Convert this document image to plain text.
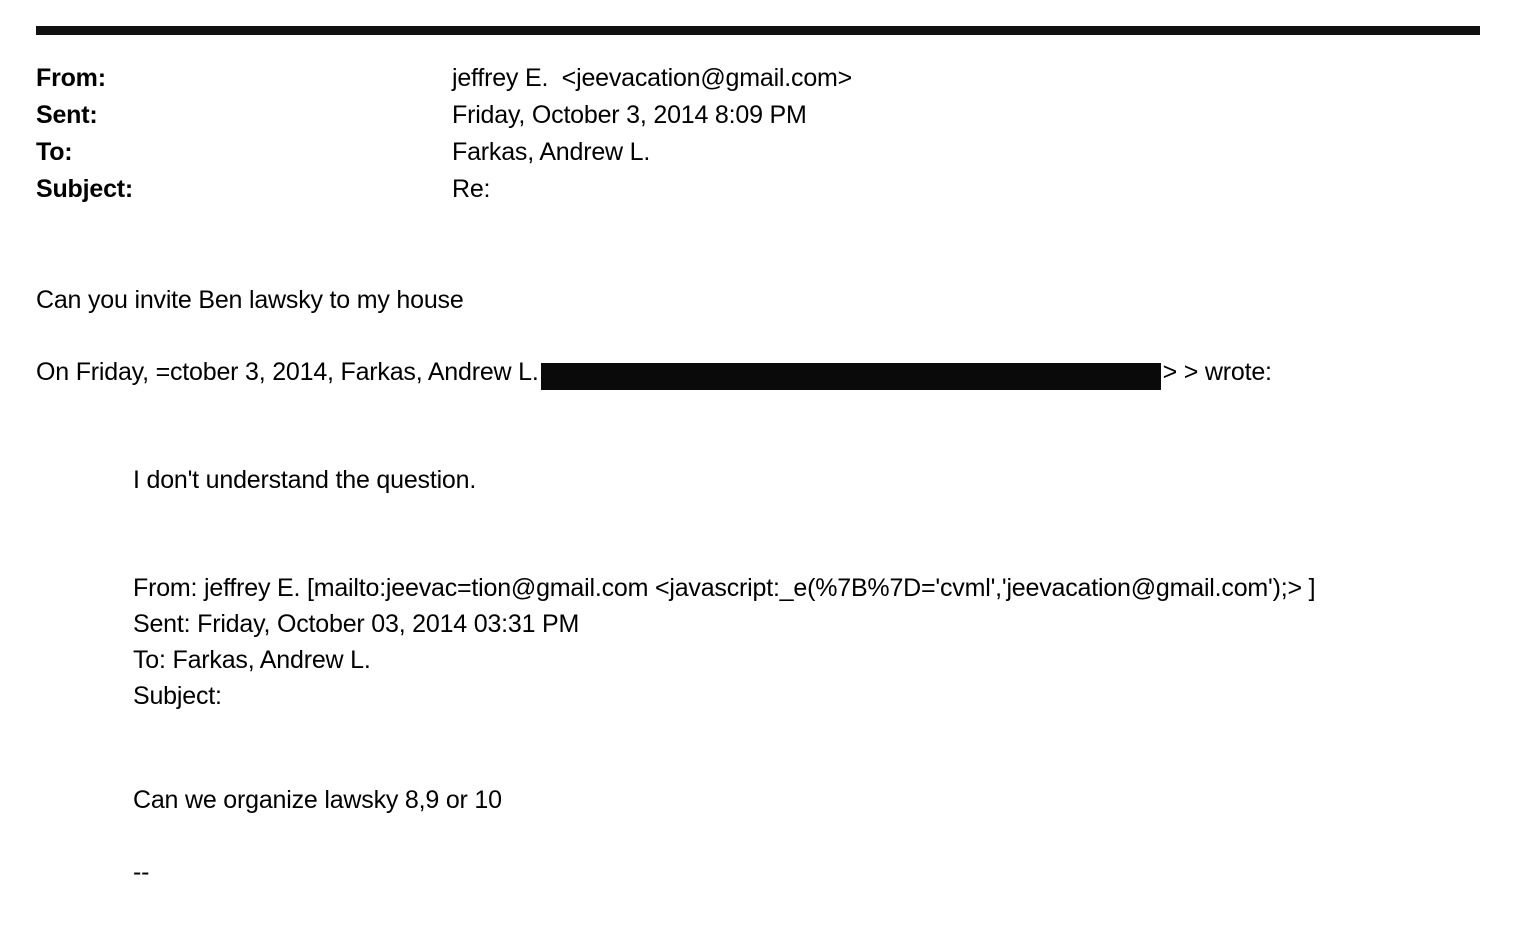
From:	jeffrey E.  <jeevacation@gmail.com>
Sent:	Friday, October 3, 2014 8:09 PM
To:	Farkas, Andrew L.
Subject:	Re:

Can you invite Ben lawsky to my house

On Friday, =ctober 3, 2014, Farkas, Andrew L.	> > wrote:

I don't understand the question.

From: jeffrey E. [mailto:jeevac=tion@gmail.com <javascript:_e(%7B%7D='cvml','jeevacation@gmail.com');> ]

Sent: Friday, October 03, 2014 03:31 PM

To: Farkas, Andrew L.

Subject:

Can we organize lawsky 8,9 or 10

--
